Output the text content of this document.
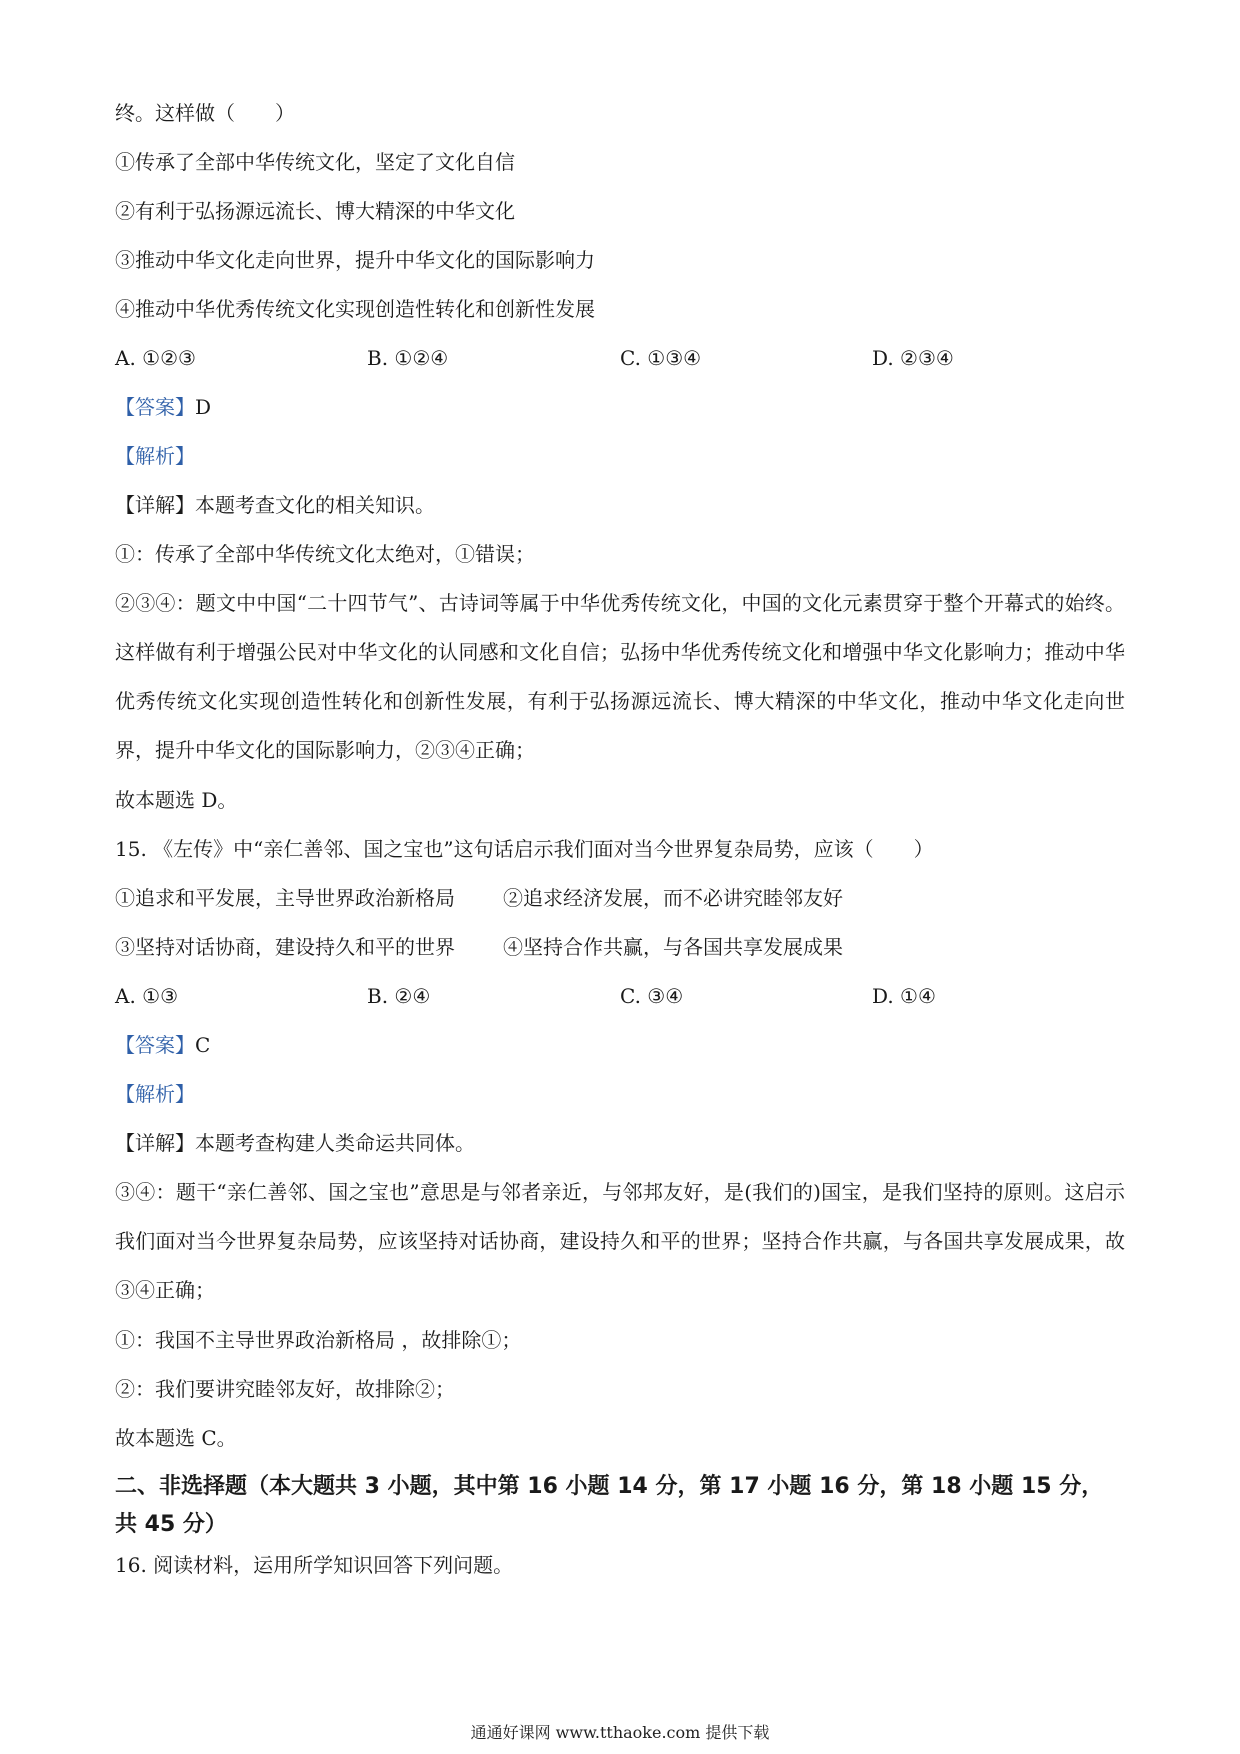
终。这样做（　　）
①传承了全部中华传统文化，坚定了文化自信
②有利于弘扬源远流长、博大精深的中华文化
③推动中华文化走向世界，提升中华文化的国际影响力
④推动中华优秀传统文化实现创造性转化和创新性发展
A. ①②③	B. ①②④	C. ①③④	D. ②③④
【答案】D
【解析】
【详解】本题考查文化的相关知识。
①：传承了全部中华传统文化太绝对，①错误；
②③④：题文中中国“二十四节气”、古诗词等属于中华优秀传统文化，中国的文化元素贯穿于整个开幕式的始终。这样做有利于增强公民对中华文化的认同感和文化自信；弘扬中华优秀传统文化和增强中华文化影响力；推动中华优秀传统文化实现创造性转化和创新性发展，有利于弘扬源远流长、博大精深的中华文化，推动中华文化走向世界，提升中华文化的国际影响力，②③④正确；
故本题选 D。
15. 《左传》中“亲仁善邻、国之宝也”这句话启示我们面对当今世界复杂局势，应该（　　）
①追求和平发展，主导世界政治新格局 ②追求经济发展，而不必讲究睦邻友好
③坚持对话协商，建设持久和平的世界 ④坚持合作共赢，与各国共享发展成果
A. ①③	B. ②④	C. ③④	D. ①④
【答案】C
【解析】
【详解】本题考查构建人类命运共同体。
③④：题干“亲仁善邻、国之宝也”意思是与邻者亲近，与邻邦友好，是(我们的)国宝，是我们坚持的原则。这启示我们面对当今世界复杂局势，应该坚持对话协商，建设持久和平的世界；坚持合作共赢，与各国共享发展成果，故③④正确；
①：我国不主导世界政治新格局 ，故排除①；
②：我们要讲究睦邻友好，故排除②；
故本题选 C。
二、非选择题（本大题共 3 小题，其中第 16 小题 14 分，第 17 小题 16 分，第 18 小题 15 分，共 45 分）
16. 阅读材料，运用所学知识回答下列问题。
通通好课网 www.tthaoke.com 提供下载
